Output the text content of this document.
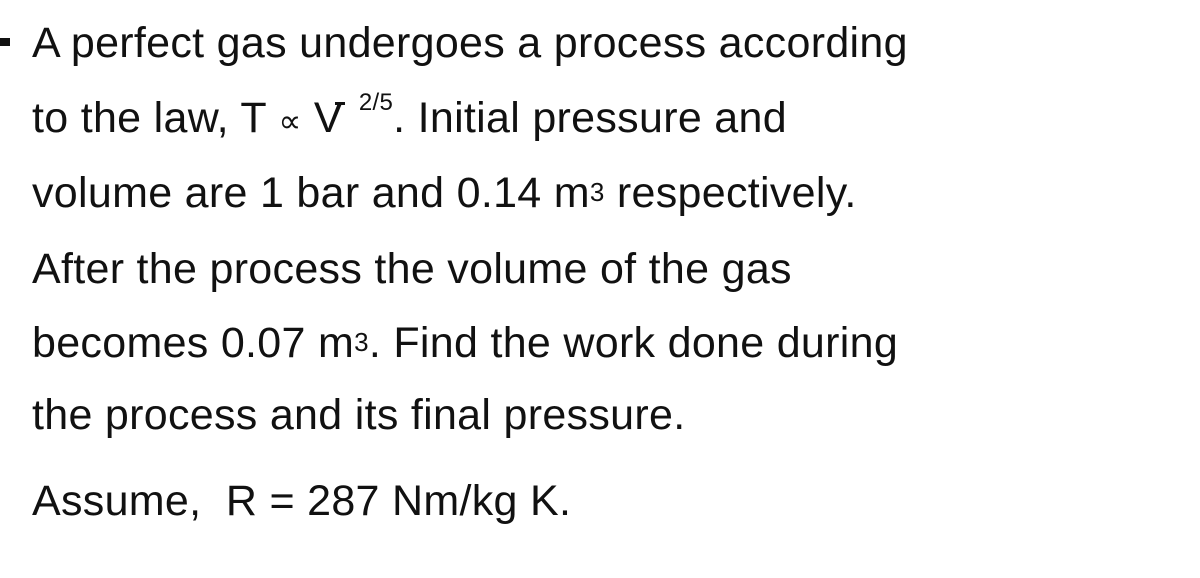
A perfect gas undergoes a process according
to the law, T ∝ V $^{2/5}$. Initial pressure and
volume are 1 bar and 0.14 $m^3$ respectively.
After the process the volume of the gas
becomes 0.07 $m^3$. Find the work done during
the process and its final pressure.
Assume,  R = 287 Nm/kg K.
